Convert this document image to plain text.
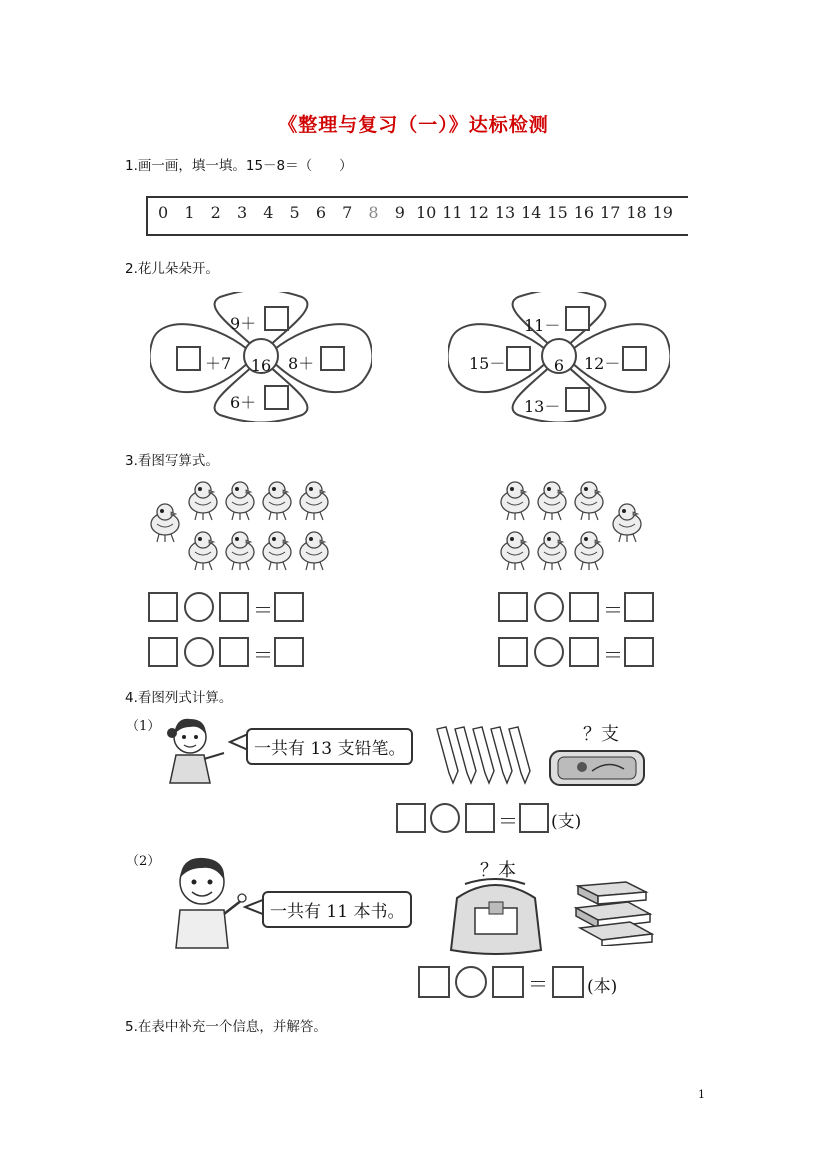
《整理与复习（一）》达标检测
1.画一画，填一填。15－8＝（　　）
0	1	2	3	4	5	6	7	8	9 10 11 12 13 14 15 16 17 18 19
2.花儿朵朵开。
16
9＋
＋7	8＋
6＋
6
11－
15－	12－
13－
3.看图写算式。
＝
＝
＝
＝
4.看图列式计算。
（1）
一共有 13 支铅笔。
？支
＝ (支)
（2）
一共有 11 本书。
？本
＝ (本)
5.在表中补充一个信息，并解答。
1
